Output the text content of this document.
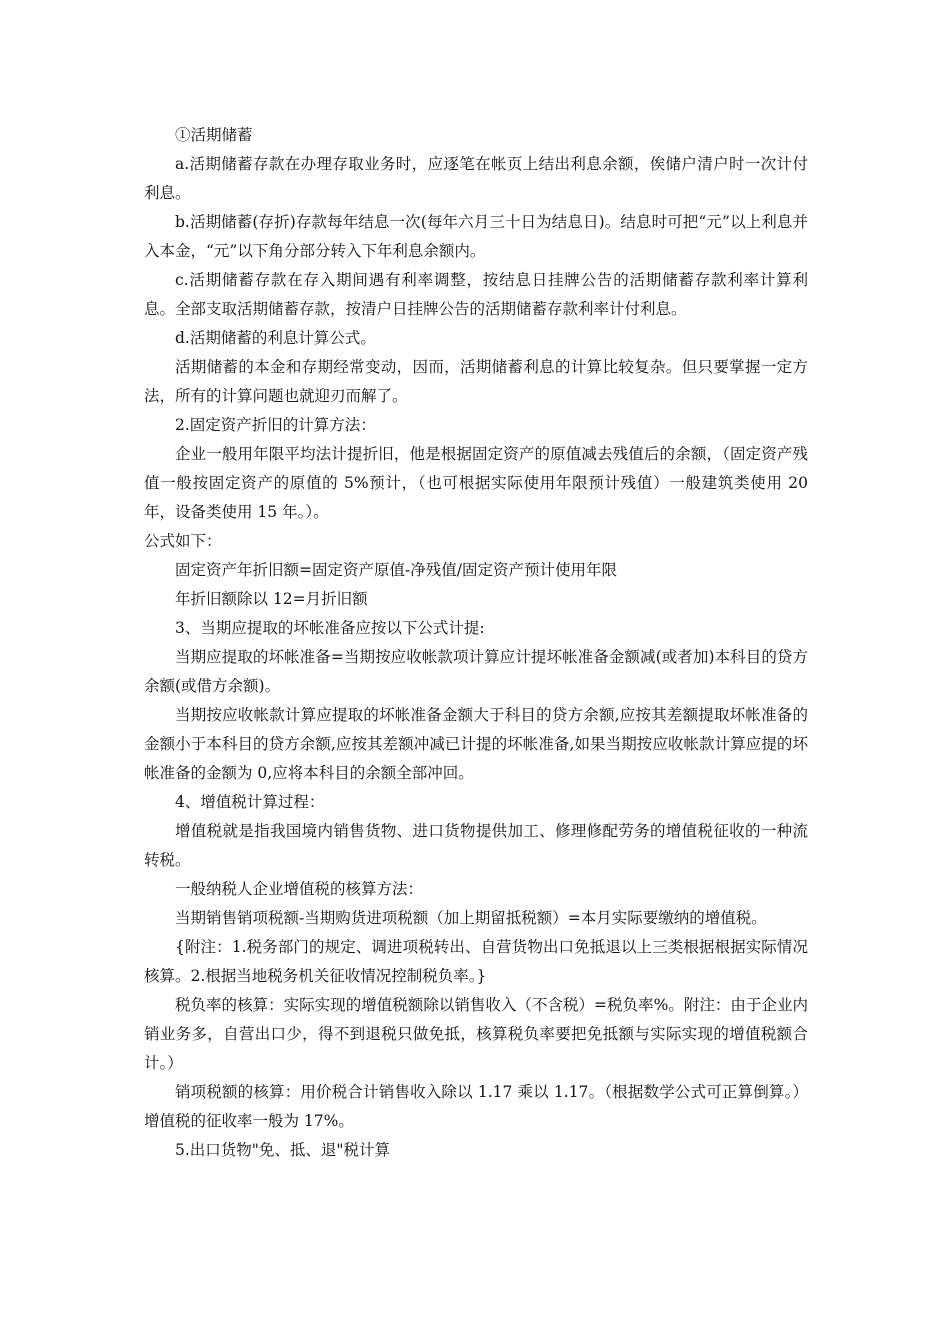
①活期储蓄

a.活期储蓄存款在办理存取业务时，应逐笔在帐页上结出利息余额，俟储户清户时一次计付利息。

b.活期储蓄(存折)存款每年结息一次(每年六月三十日为结息日)。结息时可把“元”以上利息并入本金，“元”以下角分部分转入下年利息余额内。

c.活期储蓄存款在存入期间遇有利率调整，按结息日挂牌公告的活期储蓄存款利率计算利息。全部支取活期储蓄存款，按清户日挂牌公告的活期储蓄存款利率计付利息。

d.活期储蓄的利息计算公式。

活期储蓄的本金和存期经常变动，因而，活期储蓄利息的计算比较复杂。但只要掌握一定方法，所有的计算问题也就迎刃而解了。

2.固定资产折旧的计算方法：

企业一般用年限平均法计提折旧，他是根据固定资产的原值减去残值后的余额，（固定资产残值一般按固定资产的原值的 5%预计，（也可根据实际使用年限预计残值）一般建筑类使用 20 年，设备类使用 15 年。）。

公式如下：

固定资产年折旧额=固定资产原值-净残值/固定资产预计使用年限

年折旧额除以 12=月折旧额

3、当期应提取的坏帐准备应按以下公式计提:

当期应提取的坏帐准备=当期按应收帐款项计算应计提坏帐准备金额减(或者加)本科目的贷方余额(或借方余额)。

当期按应收帐款计算应提取的坏帐准备金额大于科目的贷方余额,应按其差额提取坏帐准备的金额小于本科目的贷方余额,应按其差额冲减已计提的坏帐准备,如果当期按应收帐款计算应提的坏帐准备的金额为 0,应将本科目的余额全部冲回。

4、增值税计算过程：

增值税就是指我国境内销售货物、进口货物提供加工、修理修配劳务的增值税征收的一种流转税。

一般纳税人企业增值税的核算方法：

当期销售销项税额-当期购货进项税额（加上期留抵税额）=本月实际要缴纳的增值税。

{附注：1.税务部门的规定、调进项税转出、自营货物出口免抵退以上三类根据根据实际情况核算。2.根据当地税务机关征收情况控制税负率。}

税负率的核算：实际实现的增值税额除以销售收入（不含税）=税负率%。附注：由于企业内销业务多，自营出口少，得不到退税只做免抵，核算税负率要把免抵额与实际实现的增值税额合计。）

销项税额的核算：用价税合计销售收入除以 1.17 乘以 1.17。（根据数学公式可正算倒算。）增值税的征收率一般为 17%。

5.出口货物"免、抵、退"税计算
